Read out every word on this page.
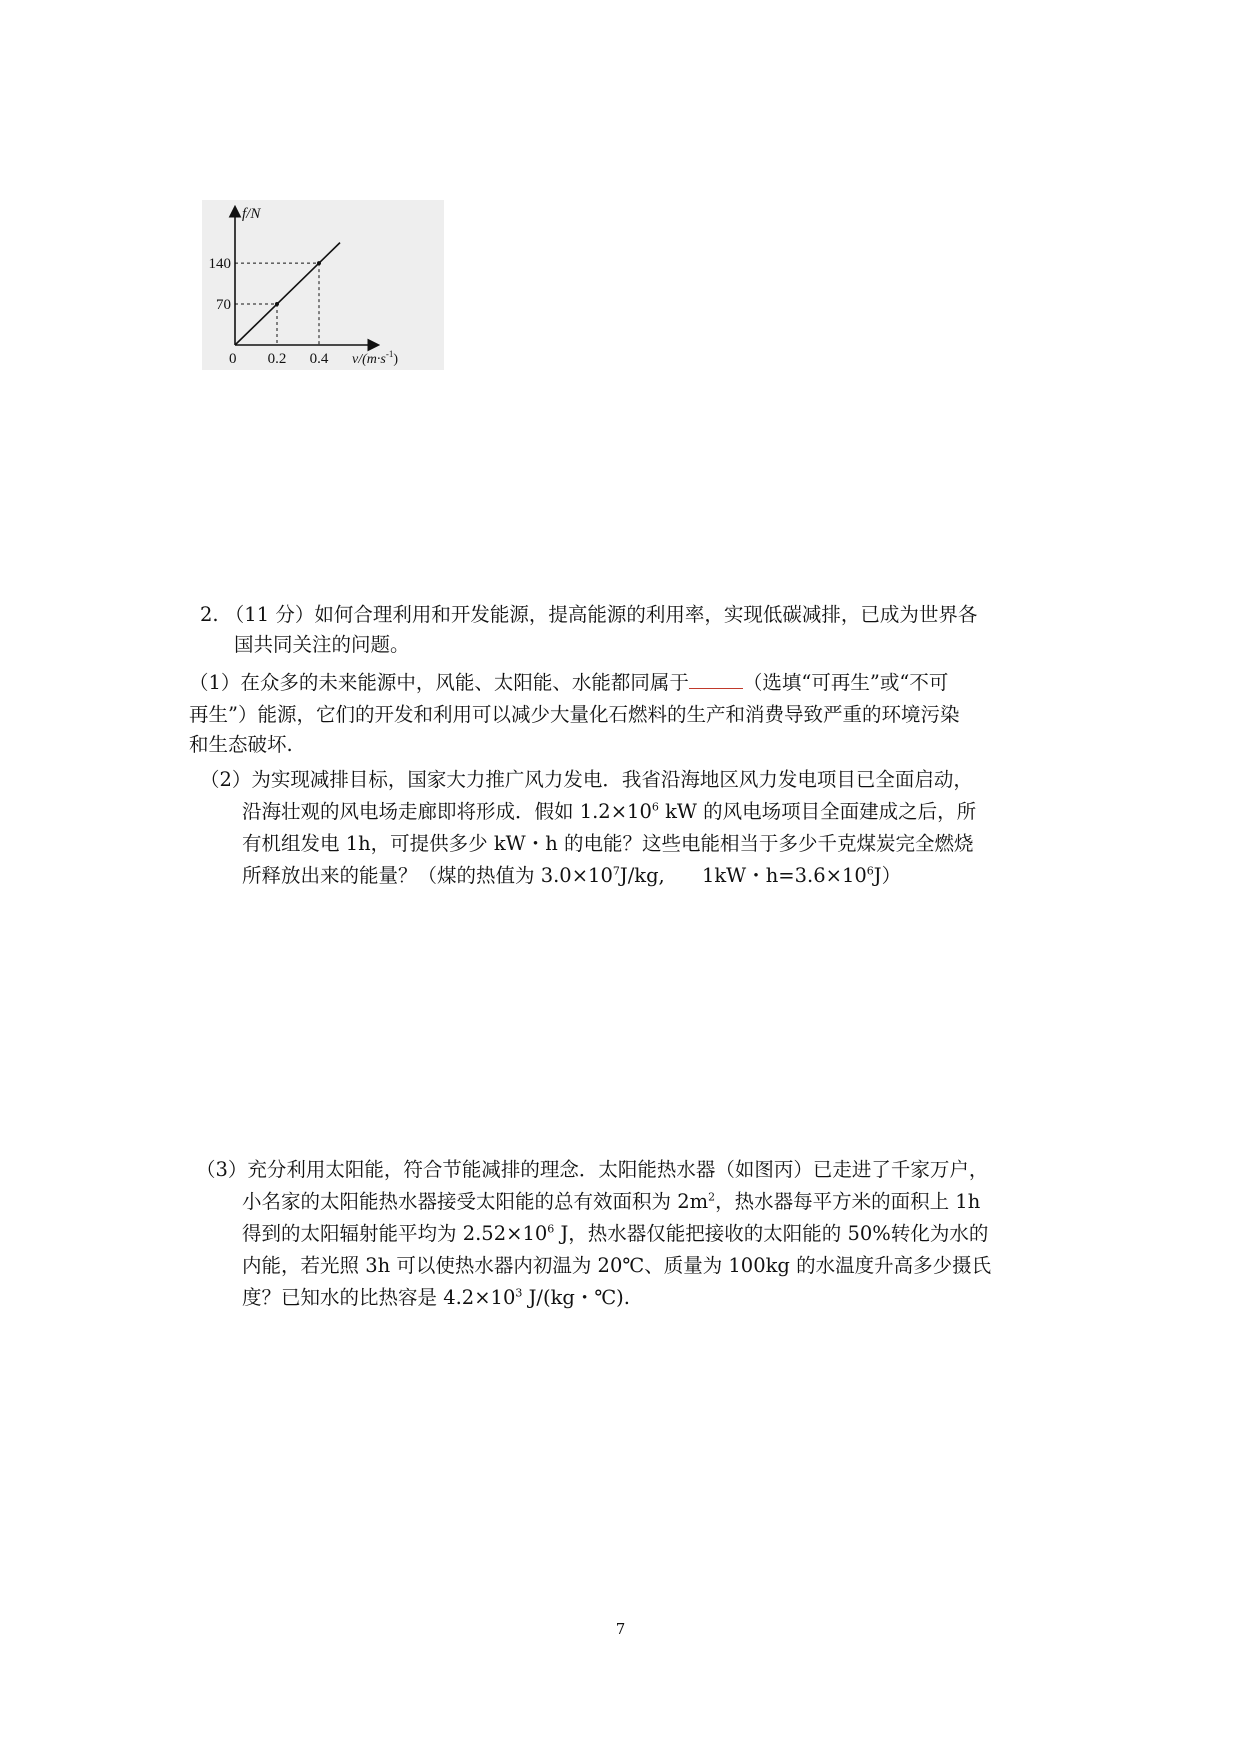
f/N
0 0.2 0.4
70
140
$v/(m\cdot s^{-1})$
2. （11 分）如何合理利用和开发能源，提高能源的利用率，实现低碳减排，已成为世界各
国共同关注的问题。
（1）在众多的未来能源中，风能、太阳能、水能都同属于	（选填“可再生”或“不可
再生”）能源，它们的开发和利用可以减少大量化石燃料的生产和消费导致严重的环境污染
和生态破坏.
（2）为实现减排目标，国家大力推广风力发电．我省沿海地区风力发电项目已全面启动，
沿海壮观的风电场走廊即将形成．假如 $1.2\times 10^6$ kW 的风电场项目全面建成之后，所
有机组发电 1h，可提供多少 kW・h 的电能？这些电能相当于多少千克煤炭完全燃烧
所释放出来的能量？（煤的热值为 $3.0\times 10^7J/kg$,      1kW・$h=3.6\times 10^6J$）
（3）充分利用太阳能，符合节能减排的理念．太阳能热水器（如图丙）已走进了千家万户，
小名家的太阳能热水器接受太阳能的总有效面积为 $2m^2$，热水器每平方米的面积上 1h
得到的太阳辐射能平均为 $2.52\times 10^6$ J，热水器仅能把接收的太阳能的 50%转化为水的
内能，若光照 3h 可以使热水器内初温为 20℃、质量为 100kg 的水温度升高多少摄氏
度？已知水的比热容是 $4.2\times 10^3$ J/(kg・℃).
7
